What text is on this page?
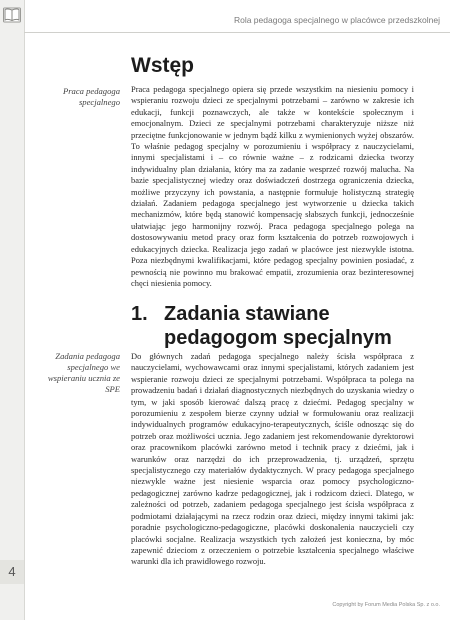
4
Rola pedagoga specjalnego w placówce przedszkolnej
Wstęp
Praca pedagoga specjalnego

Praca pedagoga specjalnego opiera się przede wszystkim na niesieniu pomocy i wspieraniu rozwoju dzieci ze specjalnymi potrzebami – zarówno w zakresie ich edukacji, funkcji poznawczych, ale także w kontekście społecznym i emocjonalnym. Dzieci ze specjalnymi potrzebami charakteryzuje niższe niż przeciętne funkcjonowanie w jednym bądź kilku z wymienionych wyżej obszarów. To właśnie pedagog specjalny w porozumieniu i współpracy z nauczycielami, innymi specjalistami i – co równie ważne – z rodzicami dziecka tworzy indywidualny plan działania, który ma za zadanie wesprzeć rozwój malucha. Na bazie specjalistycznej wiedzy oraz doświadczeń dostrzega ograniczenia dziecka, możliwe przyczyny ich powstania, a następnie formułuje holistyczną strategię działań. Zadaniem pedagoga specjalnego jest wytworzenie u dziecka takich mechanizmów, które będą stanowić kompensację słabszych funkcji, jednocześnie ułatwiając jego harmonijny rozwój. Praca pedagoga specjalnego polega na dostosowywaniu metod pracy oraz form kształcenia do potrzeb rozwojowych i edukacyjnych dziecka. Realizacja jego zadań w placówce jest niezwykle istotna. Poza niezbędnymi kwalifikacjami, które pedagog specjalny powinien posiadać, z pewnością nie powinno mu brakować empatii, zrozumienia oraz bezinteresownej chęci niesienia pomocy.

1. Zadania stawiane pedagogom specjalnym
Zadania pedagoga specjalnego we wspieraniu ucznia ze SPE

Do głównych zadań pedagoga specjalnego należy ścisła współpraca z nauczycielami, wychowawcami oraz innymi specjalistami, których zadaniem jest wspieranie rozwoju dzieci ze specjalnymi potrzebami. Współpraca ta polega na prowadzeniu badań i działań diagnostycznych niezbędnych do uzyskania wiedzy o tym, w jaki sposób kierować dalszą pracę z dziećmi. Pedagog specjalny w porozumieniu z zespołem bierze czynny udział w formułowaniu oraz realizacji indywidualnych programów edukacyjno-terapeutycznych, ściśle odnosząc się do potrzeb oraz możliwości ucznia. Jego zadaniem jest rekomendowanie dyrektorowi oraz pracownikom placówki zarówno metod i technik pracy z dziećmi, jak i warunków oraz narzędzi do ich przeprowadzenia, tj. urządzeń, sprzętu specjalistycznego czy materiałów dydaktycznych. W pracy pedagoga specjalnego niezwykle ważne jest niesienie wsparcia oraz pomocy psychologiczno-pedagogicznej zarówno kadrze pedagogicznej, jak i rodzicom dzieci. Dlatego, w zależności od potrzeb, zadaniem pedagoga specjalnego jest ścisła współpraca z podmiotami działającymi na rzecz rodzin oraz dzieci, między innymi takimi jak: poradnie psychologiczno-pedagogiczne, placówki doskonalenia nauczycieli czy placówki socjalne. Realizacja wszystkich tych założeń jest konieczna, by móc zapewnić dzieciom z orzeczeniem o potrzebie kształcenia specjalnego właściwe warunki dla ich prawidłowego rozwoju.

Copyright by Forum Media Polska Sp. z o.o.
